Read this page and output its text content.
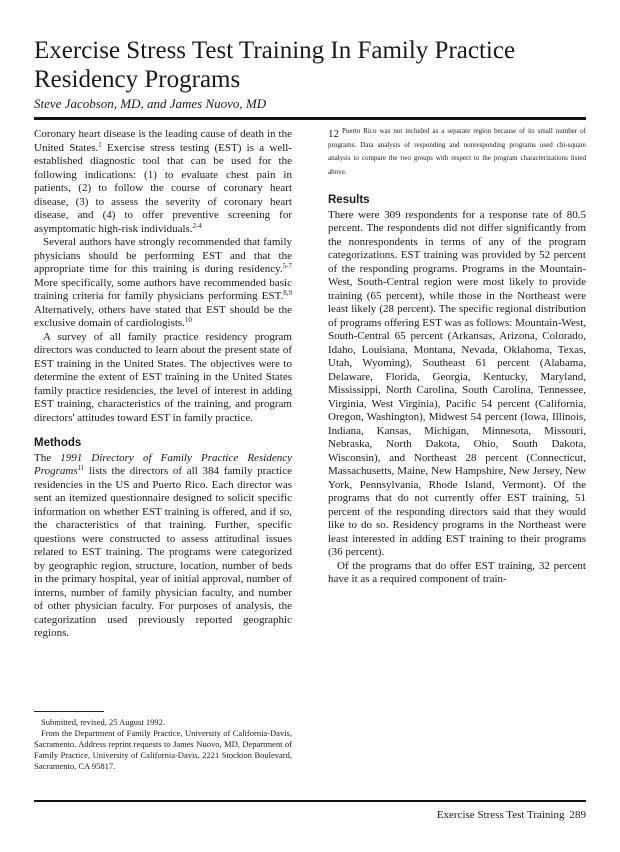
Exercise Stress Test Training In Family Practice Residency Programs

Steve Jacobson, MD, and James Nuovo, MD

Coronary heart disease is the leading cause of death in the United States.$^1$ Exercise stress testing (EST) is a well-established diagnostic tool that can be used for the following indications: (1) to evaluate chest pain in patients, (2) to follow the course of coronary heart disease, (3) to assess the severity of coronary heart disease, and (4) to offer preventive screening for asymptomatic high-risk individuals.$^{2-4}$

Several authors have strongly recommended that family physicians should be performing EST and that the appropriate time for this training is during residency.$^{5-7}$ More specifically, some authors have recommended basic training criteria for family physicians performing EST.$^{8,9}$ Alternatively, others have stated that EST should be the exclusive domain of cardiologists.$^{10}$

A survey of all family practice residency program directors was conducted to learn about the present state of EST training in the United States. The objectives were to determine the extent of EST training in the United States family practice residencies, the level of interest in adding EST training, characteristics of the training, and program directors' attitudes toward EST in family practice.

Methods

The 1991 Directory of Family Practice Residency Programs$^{11}$ lists the directors of all 384 family practice residencies in the US and Puerto Rico. Each director was sent an itemized questionnaire designed to solicit specific information on whether EST training is offered, and if so, the characteristics of that training. Further, specific questions were constructed to assess attitudinal issues related to EST training. The programs were categorized by geographic region, structure, location, number of beds in the primary hospital, year of initial approval, number of interns, number of family physician faculty, and number of other physician faculty. For purposes of analysis, the categorization used previously reported geographic regions.

12 $^{Puerto Rico was not included as a separate region because of its small number of programs. Data analysis of responding and nonresponding programs used chi-square analysis to compare the two groups with respect to the program characterizations listed above.}$

Results

There were 309 respondents for a response rate of 80.5 percent. The respondents did not differ significantly from the nonrespondents in terms of any of the program categorizations. EST training was provided by 52 percent of the responding programs. Programs in the Mountain-West, South-Central region were most likely to provide training (65 percent), while those in the Northeast were least likely (28 percent). The specific regional distribution of programs offering EST was as follows: Mountain-West, South-Central 65 percent (Arkansas, Arizona, Colorado, Idaho, Louisiana, Montana, Nevada, Oklahoma, Texas, Utah, Wyoming), Southeast 61 percent (Alabama, Delaware, Florida, Georgia, Kentucky, Maryland, Mississippi, North Carolina, South Carolina, Tennessee, Virginia, West Virginia), Pacific 54 percent (California, Oregon, Washington), Midwest 54 percent (Iowa, Illinois, Indiana, Kansas, Michigan, Minnesota, Missouri, Nebraska, North Dakota, Ohio, South Dakota, Wisconsin), and Northeast 28 percent (Connecticut, Massachusetts, Maine, New Hampshire, New Jersey, New York, Pennsylvania, Rhode Island, Vermont). Of the programs that do not currently offer EST training, 51 percent of the responding directors said that they would like to do so. Residency programs in the Northeast were least interested in adding EST training to their programs (36 percent).

Of the programs that do offer EST training, 32 percent have it as a required component of train-

Submitted, revised, 25 August 1992.

From the Department of Family Practice, University of California-Davis, Sacramento. Address reprint requests to James Nuovo, MD, Department of Family Practice, University of California-Davis, 2221 Stockton Boulevard, Sacramento, CA 95817.

Exercise Stress Test Training 289
